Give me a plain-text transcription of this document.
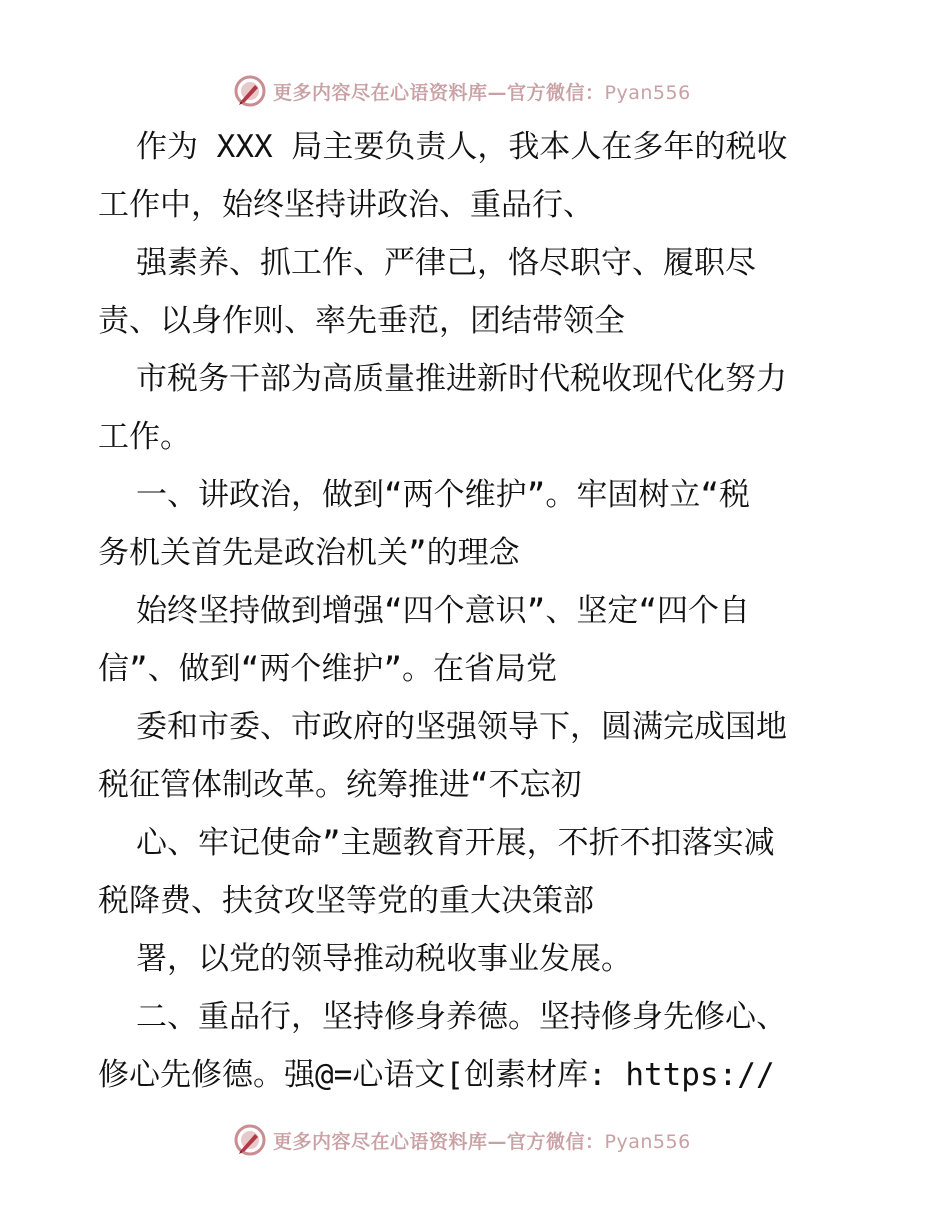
更多内容尽在心语资料库—官方微信：Pyan556
作为 XXX 局主要负责人，我本人在多年的税收
工作中，始终坚持讲政治、重品行、
强素养、抓工作、严律己，恪尽职守、履职尽
责、以身作则、率先垂范，团结带领全
市税务干部为高质量推进新时代税收现代化努力
工作。
一、讲政治，做到“两个维护”。牢固树立“税
务机关首先是政治机关”的理念
始终坚持做到增强“四个意识”、坚定“四个自
信”、做到“两个维护”。在省局党
委和市委、市政府的坚强领导下，圆满完成国地
税征管体制改革。统筹推进“不忘初
心、牢记使命”主题教育开展，不折不扣落实减
税降费、扶贫攻坚等党的重大决策部
署，以党的领导推动税收事业发展。
二、重品行，坚持修身养德。坚持修身先修心、
修心先修德。强@=心语文[创素材库: https://
更多内容尽在心语资料库—官方微信：Pyan556
